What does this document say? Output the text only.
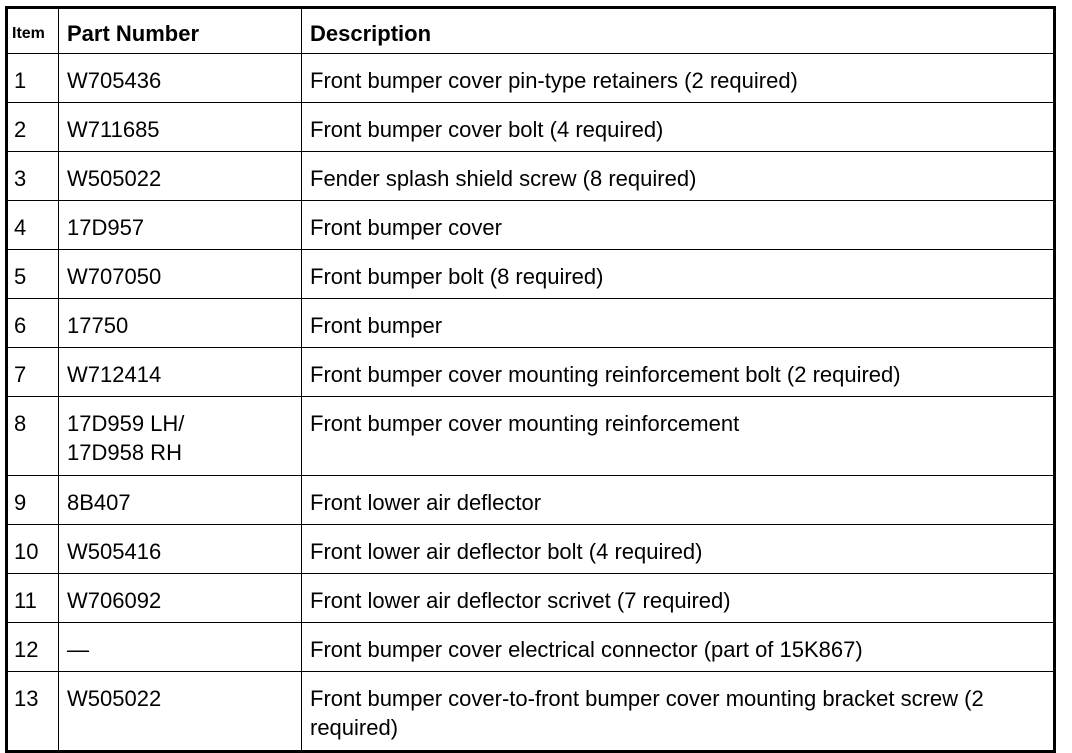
Item	Part Number	Description
1	W705436	Front bumper cover pin-type retainers (2 required)
2	W711685	Front bumper cover bolt (4 required)
3	W505022	Fender splash shield screw (8 required)
4	17D957	Front bumper cover
5	W707050	Front bumper bolt (8 required)
6	17750	Front bumper
7	W712414	Front bumper cover mounting reinforcement bolt (2 required)
8	17D959 LH/
17D958 RH	Front bumper cover mounting reinforcement
9	8B407	Front lower air deflector
10	W505416	Front lower air deflector bolt (4 required)
11	W706092	Front lower air deflector scrivet (7 required)
12	—	Front bumper cover electrical connector (part of 15K867)
13	W505022	Front bumper cover-to-front bumper cover mounting bracket screw (2 required)
